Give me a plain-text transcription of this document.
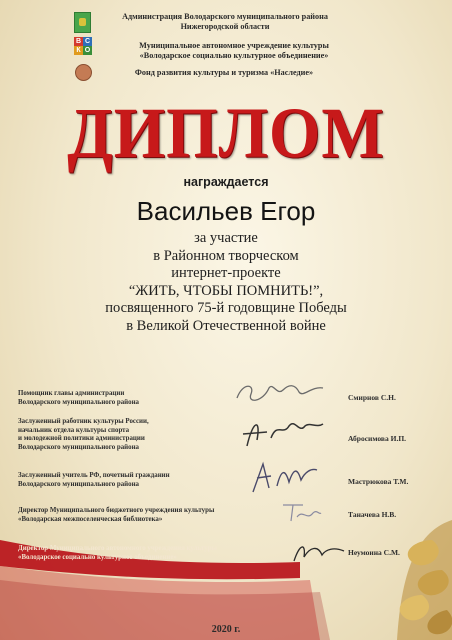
Администрация Володарского муниципального района
Нижегородской области
В С
К О
Муниципальное автономное учреждение культуры
«Володарское социально культурное объединение»
Фонд развития культуры и туризма «Наследие»
ДИПЛОМ
награждается
Васильев Егор
за участие
в Районном творческом
интернет-проекте
“ЖИТЬ, ЧТОБЫ ПОМНИТЬ!”,
посвященного 75-й годовщине Победы
в Великой Отечественной войне
Помощник главы администрации
Володарского муниципального района
Смирнов С.Н.
Заслуженный работник культуры России,
начальник отдела культуры спорта
и молодежной политики администрации
Володарского муниципального района
Абросимова И.П.
Заслуженный учитель РФ, почетный гражданин
Володарского муниципального района	Мастрюкова Т.М.
Директор Муниципального бюджетного учреждения культуры
«Володарская межпоселенческая библиотека»
Таначева Н.В.
Директор Муниципального автономного учреждения культуры
«Володарское социально культурное объединение»
Неумоина С.М.
2020 г.
